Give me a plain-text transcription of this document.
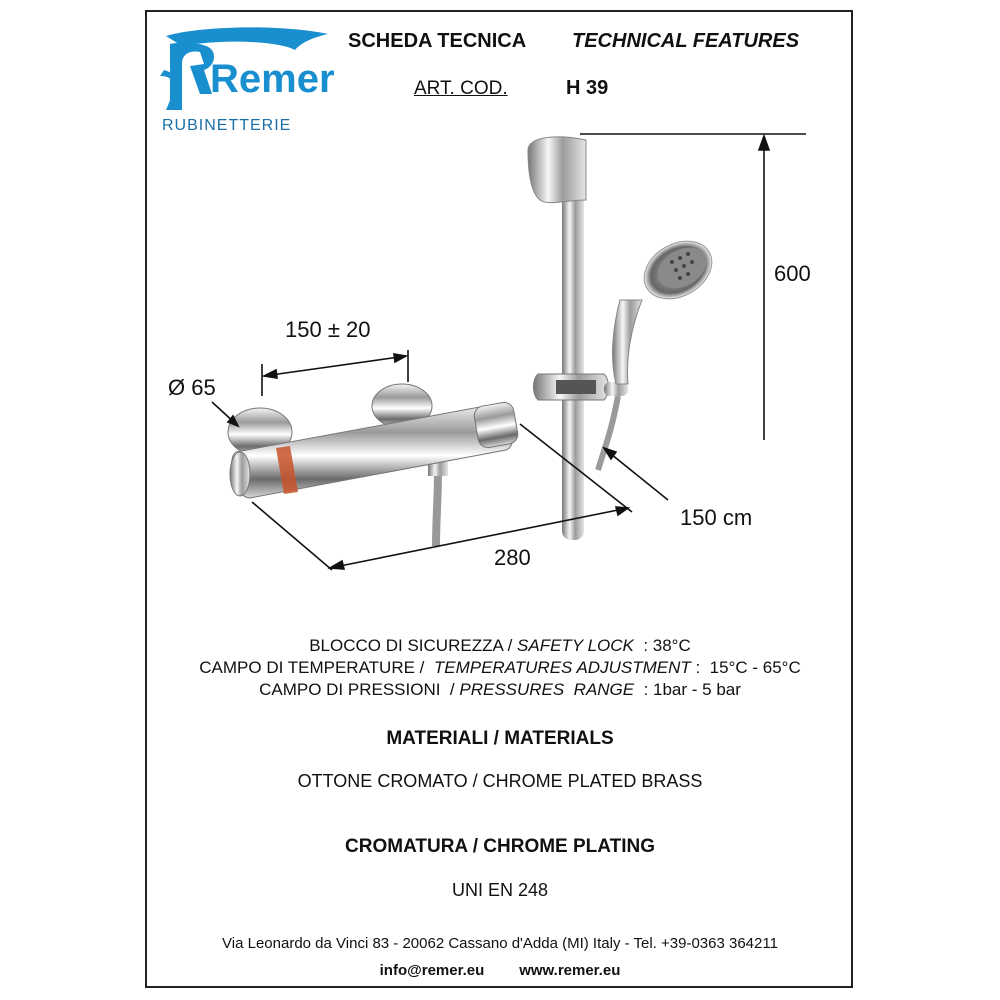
Remer
RUBINETTERIE
SCHEDA TECNICA TECHNICAL FEATURES
ART. COD.	H 39
600
150 ± 20
Ø 65
150 cm
280
BLOCCO DI SICUREZZA / SAFETY LOCK  : 38°C
CAMPO DI TEMPERATURE /  TEMPERATURES ADJUSTMENT :  15°C - 65°C
CAMPO DI PRESSIONI  / PRESSURES  RANGE  : 1bar - 5 bar
MATERIALI / MATERIALS
OTTONE CROMATO / CHROME PLATED BRASS
CROMATURA / CHROME PLATING
UNI EN 248
Via Leonardo da Vinci 83 - 20062 Cassano d'Adda (MI) Italy - Tel. +39-0363 364211
info@remer.eu www.remer.eu
